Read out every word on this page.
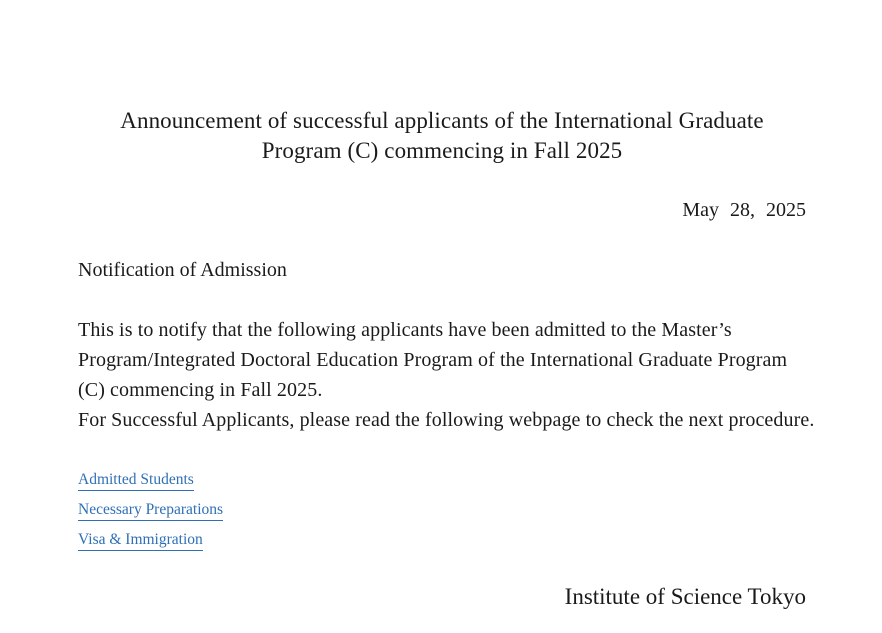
Announcement of successful applicants of the International Graduate
Program (C) commencing in Fall 2025
May 28, 2025
Notification of Admission

This is to notify that the following applicants have been admitted to the Master’s Program/Integrated Doctoral Education Program of the International Graduate Program (C) commencing in Fall 2025.

For Successful Applicants, please read the following webpage to check the next procedure.

Admitted Students
Necessary Preparations
Visa & Immigration
Institute of Science Tokyo
